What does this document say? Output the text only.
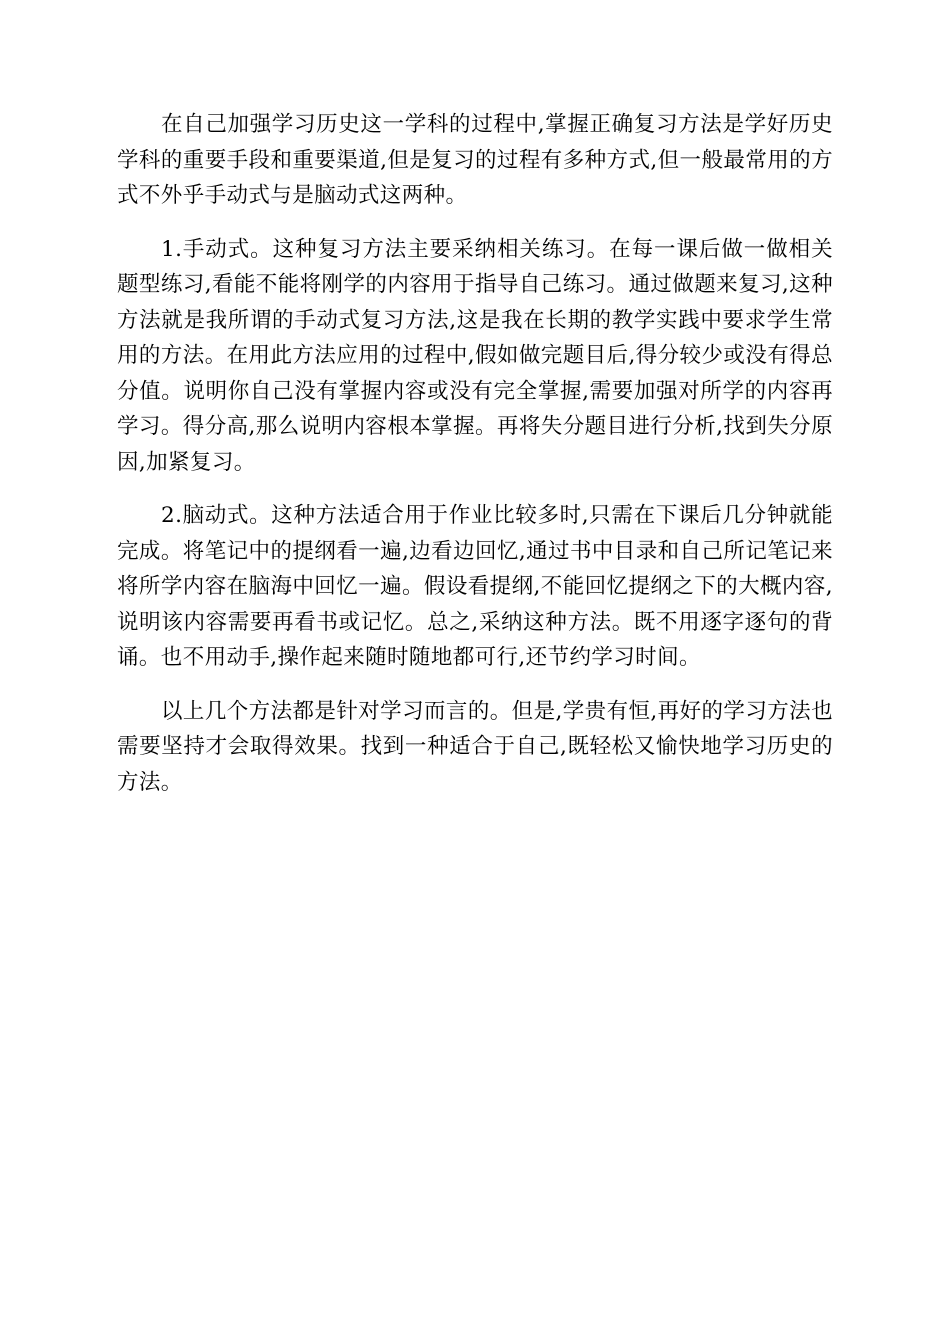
在自己加强学习历史这一学科的过程中,掌握正确复习方法是学好历史学科的重要手段和重要渠道,但是复习的过程有多种方式,但一般最常用的方式不外乎手动式与是脑动式这两种。

1.手动式。这种复习方法主要采纳相关练习。在每一课后做一做相关题型练习,看能不能将刚学的内容用于指导自己练习。通过做题来复习,这种方法就是我所谓的手动式复习方法,这是我在长期的教学实践中要求学生常用的方法。在用此方法应用的过程中,假如做完题目后,得分较少或没有得总分值。说明你自己没有掌握内容或没有完全掌握,需要加强对所学的内容再学习。得分高,那么说明内容根本掌握。再将失分题目进行分析,找到失分原因,加紧复习。

2.脑动式。这种方法适合用于作业比较多时,只需在下课后几分钟就能完成。将笔记中的提纲看一遍,边看边回忆,通过书中目录和自己所记笔记来将所学内容在脑海中回忆一遍。假设看提纲,不能回忆提纲之下的大概内容,说明该内容需要再看书或记忆。总之,采纳这种方法。既不用逐字逐句的背诵。也不用动手,操作起来随时随地都可行,还节约学习时间。

以上几个方法都是针对学习而言的。但是,学贵有恒,再好的学习方法也需要坚持才会取得效果。找到一种适合于自己,既轻松又愉快地学习历史的方法。
